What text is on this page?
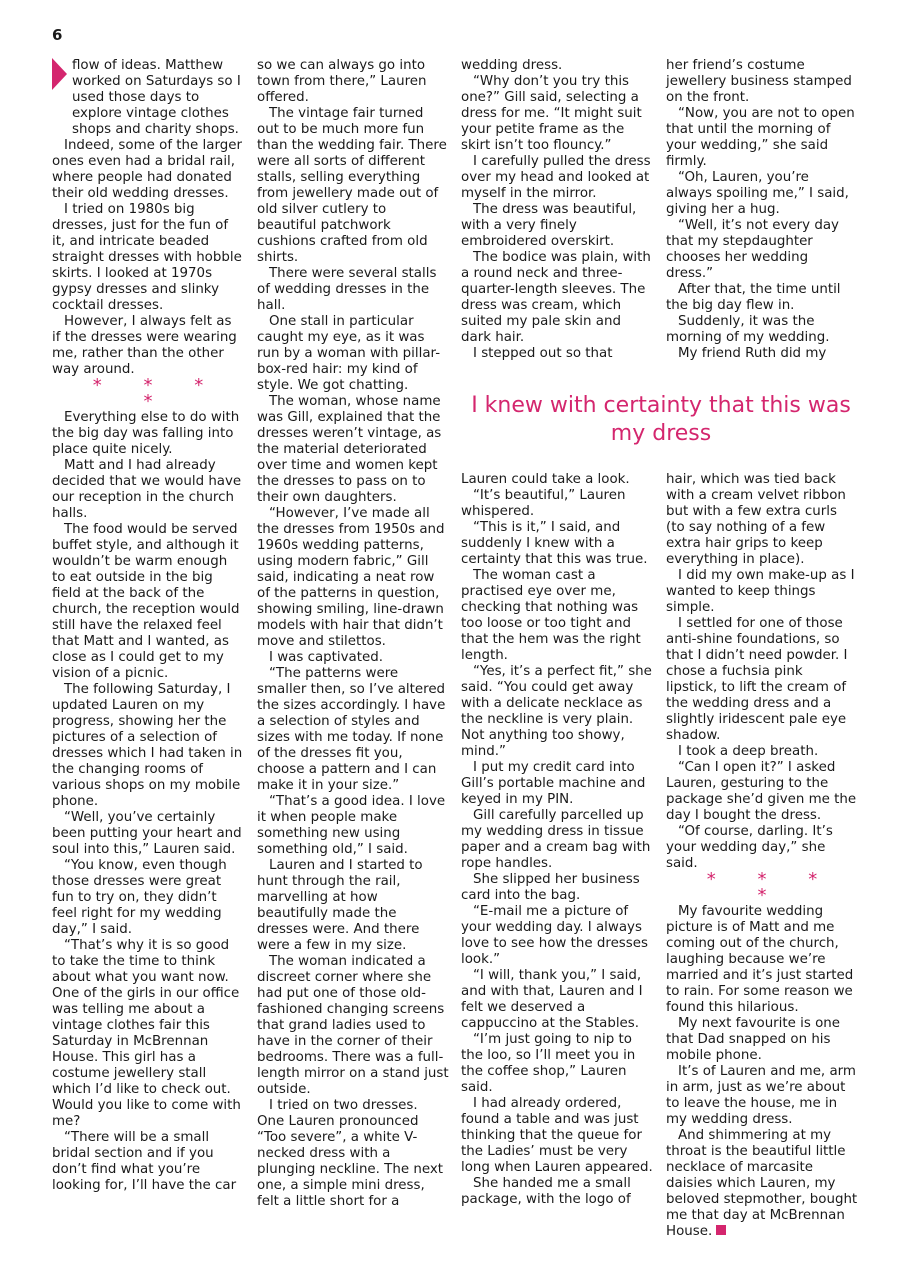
6

flow of ideas. Matthew worked on Saturdays so I used those days to explore vintage clothes shops and charity shops.

Indeed, some of the larger ones even had a bridal rail, where people had donated their old wedding dresses.

I tried on 1980s big dresses, just for the fun of it, and intricate beaded straight dresses with hobble skirts. I looked at 1970s gypsy dresses and slinky cocktail dresses.

However, I always felt as if the dresses were wearing me, rather than the other way around.

* * * *

Everything else to do with the big day was falling into place quite nicely.

Matt and I had already decided that we would have our reception in the church halls.

The food would be served buffet style, and although it wouldn’t be warm enough to eat outside in the big field at the back of the church, the reception would still have the relaxed feel that Matt and I wanted, as close as I could get to my vision of a picnic.

The following Saturday, I updated Lauren on my progress, showing her the pictures of a selection of dresses which I had taken in the changing rooms of various shops on my mobile phone.

“Well, you’ve certainly been putting your heart and soul into this,” Lauren said.

“You know, even though those dresses were great fun to try on, they didn’t feel right for my wedding day,” I said.

“That’s why it is so good to take the time to think about what you want now. One of the girls in our office was telling me about a vintage clothes fair this Saturday in McBrennan House. This girl has a costume jewellery stall which I’d like to check out. Would you like to come with me?

“There will be a small bridal section and if you don’t find what you’re looking for, I’ll have the car

so we can always go into town from there,” Lauren offered.

The vintage fair turned out to be much more fun than the wedding fair. There were all sorts of different stalls, selling everything from jewellery made out of old silver cutlery to beautiful patchwork cushions crafted from old shirts.

There were several stalls of wedding dresses in the hall.

One stall in particular caught my eye, as it was run by a woman with pillar-box-red hair: my kind of style. We got chatting.

The woman, whose name was Gill, explained that the dresses weren’t vintage, as the material deteriorated over time and women kept the dresses to pass on to their own daughters.

“However, I’ve made all the dresses from 1950s and 1960s wedding patterns, using modern fabric,” Gill said, indicating a neat row of the patterns in question, showing smiling, line-drawn models with hair that didn’t move and stilettos.

I was captivated.

“The patterns were smaller then, so I’ve altered the sizes accordingly. I have a selection of styles and sizes with me today. If none of the dresses fit you, choose a pattern and I can make it in your size.”

“That’s a good idea. I love it when people make something new using something old,” I said.

Lauren and I started to hunt through the rail, marvelling at how beautifully made the dresses were. And there were a few in my size.

The woman indicated a discreet corner where she had put one of those old-fashioned changing screens that grand ladies used to have in the corner of their bedrooms. There was a full-length mirror on a stand just outside.

I tried on two dresses. One Lauren pronounced “Too severe”, a white V-necked dress with a plunging neckline. The next one, a simple mini dress, felt a little short for a

wedding dress.

“Why don’t you try this one?” Gill said, selecting a dress for me. “It might suit your petite frame as the skirt isn’t too flouncy.”

I carefully pulled the dress over my head and looked at myself in the mirror.

The dress was beautiful, with a very finely embroidered overskirt.

The bodice was plain, with a round neck and three-quarter-length sleeves. The dress was cream, which suited my pale skin and dark hair.

I stepped out so that

her friend’s costume jewellery business stamped on the front.

“Now, you are not to open that until the morning of your wedding,” she said firmly.

“Oh, Lauren, you’re always spoiling me,” I said, giving her a hug.

“Well, it’s not every day that my stepdaughter chooses her wedding dress.”

After that, the time until the big day flew in.

Suddenly, it was the morning of my wedding.

My friend Ruth did my

I knew with certainty that this was my dress

Lauren could take a look.

“It’s beautiful,” Lauren whispered.

“This is it,” I said, and suddenly I knew with a certainty that this was true.

The woman cast a practised eye over me, checking that nothing was too loose or too tight and that the hem was the right length.

“Yes, it’s a perfect fit,” she said. “You could get away with a delicate necklace as the neckline is very plain. Not anything too showy, mind.”

I put my credit card into Gill’s portable machine and keyed in my PIN.

Gill carefully parcelled up my wedding dress in tissue paper and a cream bag with rope handles.

She slipped her business card into the bag.

“E-mail me a picture of your wedding day. I always love to see how the dresses look.”

“I will, thank you,” I said, and with that, Lauren and I felt we deserved a cappuccino at the Stables.

“I’m just going to nip to the loo, so I’ll meet you in the coffee shop,” Lauren said.

I had already ordered, found a table and was just thinking that the queue for the Ladies’ must be very long when Lauren appeared.

She handed me a small package, with the logo of

hair, which was tied back with a cream velvet ribbon but with a few extra curls (to say nothing of a few extra hair grips to keep everything in place).

I did my own make-up as I wanted to keep things simple.

I settled for one of those anti-shine foundations, so that I didn’t need powder. I chose a fuchsia pink lipstick, to lift the cream of the wedding dress and a slightly iridescent pale eye shadow.

I took a deep breath.

“Can I open it?” I asked Lauren, gesturing to the package she’d given me the day I bought the dress.

“Of course, darling. It’s your wedding day,” she said.

* * * *

My favourite wedding picture is of Matt and me coming out of the church, laughing because we’re married and it’s just started to rain. For some reason we found this hilarious.

My next favourite is one that Dad snapped on his mobile phone.

It’s of Lauren and me, arm in arm, just as we’re about to leave the house, me in my wedding dress.

And shimmering at my throat is the beautiful little necklace of marcasite daisies which Lauren, my beloved stepmother, bought me that day at McBrennan House.
